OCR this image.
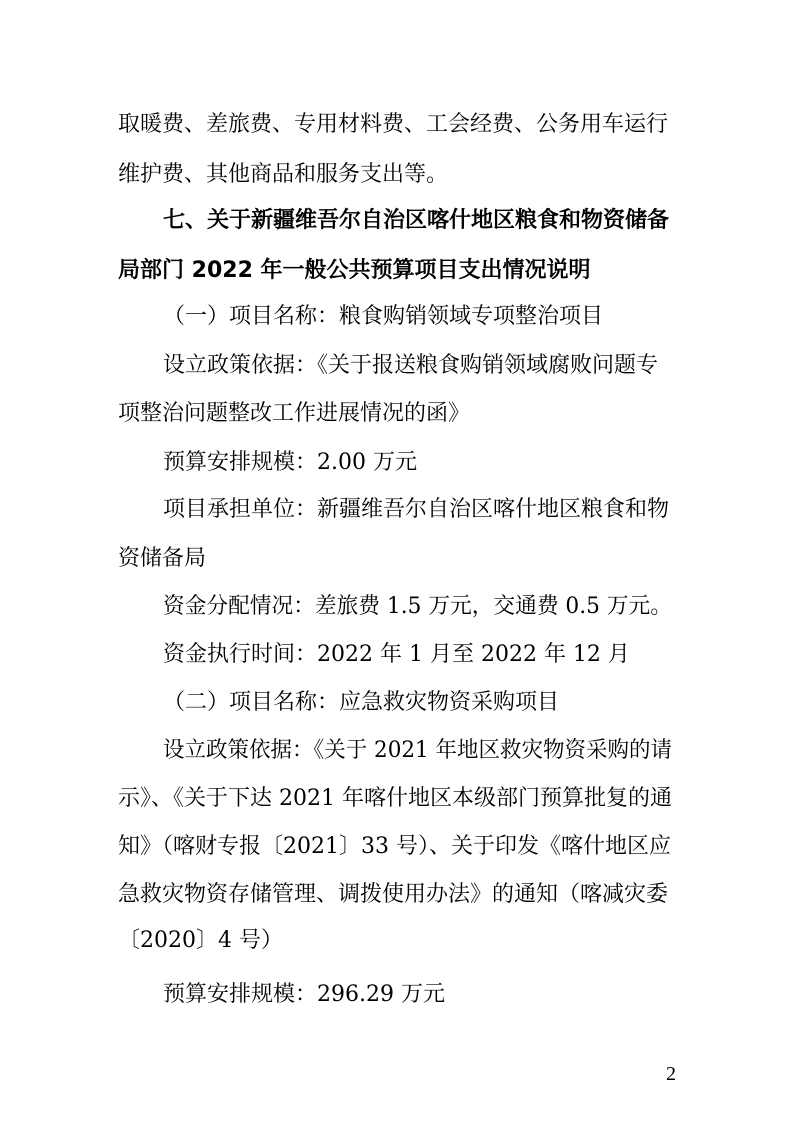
取暖费、差旅费、专用材料费、工会经费、公务用车运行
维护费、其他商品和服务支出等。
七、关于新疆维吾尔自治区喀什地区粮食和物资储备
局部门 2022 年一般公共预算项目支出情况说明
（一）项目名称：粮食购销领域专项整治项目
设立政策依据：《关于报送粮食购销领域腐败问题专
项整治问题整改工作进展情况的函》
预算安排规模：2.00 万元
项目承担单位：新疆维吾尔自治区喀什地区粮食和物
资储备局
资金分配情况：差旅费 1.5 万元，交通费 0.5 万元。
资金执行时间：2022 年 1 月至 2022 年 12 月
（二）项目名称：应急救灾物资采购项目
设立政策依据：《关于 2021 年地区救灾物资采购的请
示》、《关于下达 2021 年喀什地区本级部门预算批复的通
知》（喀财专报〔2021〕33 号）、关于印发《喀什地区应
急救灾物资存储管理、调拨使用办法》的通知（喀减灾委
〔2020〕4 号）
预算安排规模：296.29 万元
2
